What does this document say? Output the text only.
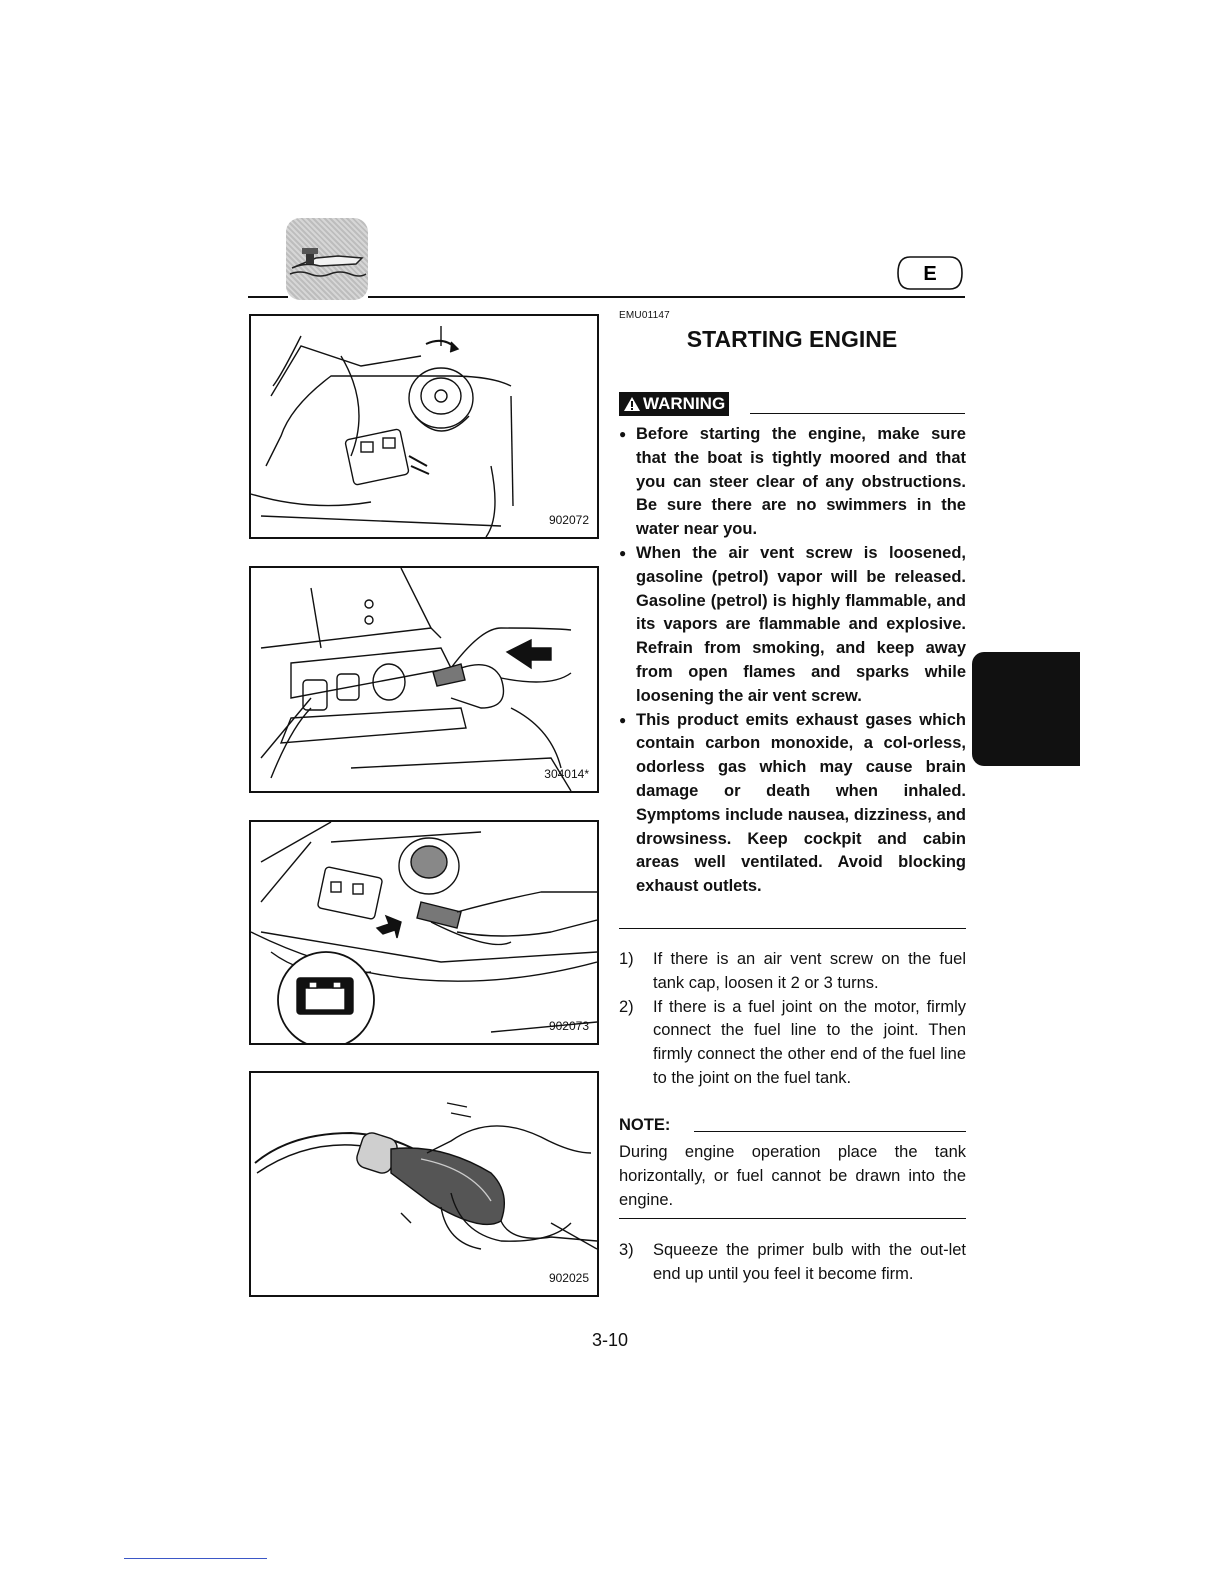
E
902072
304014*
902073
902025
EMU01147
STARTING ENGINE
WARNING
● Before starting the engine, make sure that the boat is tightly moored and that you can steer clear of any obstructions. Be sure there are no swimmers in the water near you.
● When the air vent screw is loosened, gasoline (petrol) vapor will be released. Gasoline (petrol) is highly flammable, and its vapors are flammable and explosive. Refrain from smoking, and keep away from open flames and sparks while loosening the air vent screw.
● This product emits exhaust gases which contain carbon monoxide, a col-orless, odorless gas which may cause brain damage or death when inhaled. Symptoms include nausea, dizziness, and drowsiness. Keep cockpit and cabin areas well ventilated. Avoid blocking exhaust outlets.
1) If there is an air vent screw on the fuel tank cap, loosen it 2 or 3 turns.
2) If there is a fuel joint on the motor, firmly connect the fuel line to the joint. Then firmly connect the other end of the fuel line to the joint on the fuel tank.
NOTE:
During engine operation place the tank horizontally, or fuel cannot be drawn into the engine.
3) Squeeze the primer bulb with the out-let end up until you feel it become firm.
3-10
